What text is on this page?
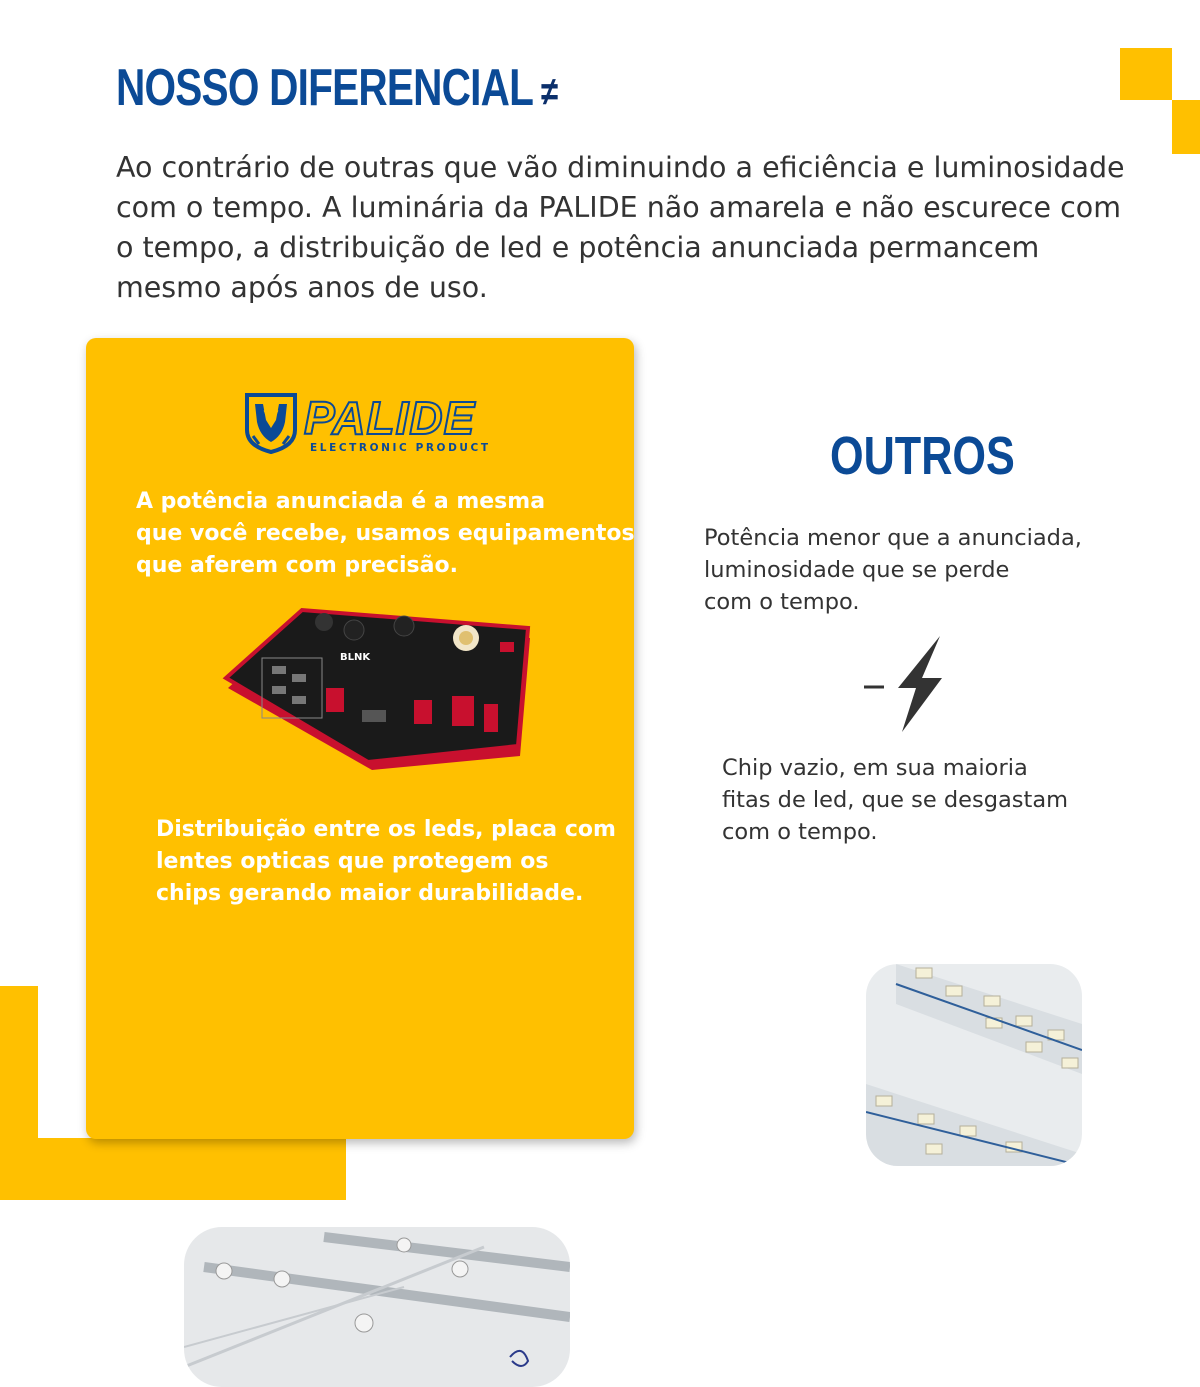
NOSSO DIFERENCIAL ≠
Ao contrário de outras que vão diminuindo a eficiência e luminosidade com o tempo. A luminária da PALIDE não amarela e não escurece com o tempo, a distribuição de led e potência anunciada permancem mesmo após anos de uso.
PALIDE
ELECTRONIC PRODUCT
A potência anunciada é a mesma
que você recebe, usamos equipamentos
que aferem com precisão.
BLNK
Distribuição entre os leds, placa com
lentes opticas que protegem os
chips gerando maior durabilidade.
OUTROS
Potência menor que a anunciada,
luminosidade que se perde
com o tempo.
Chip vazio, em sua maioria
fitas de led, que se desgastam
com o tempo.
